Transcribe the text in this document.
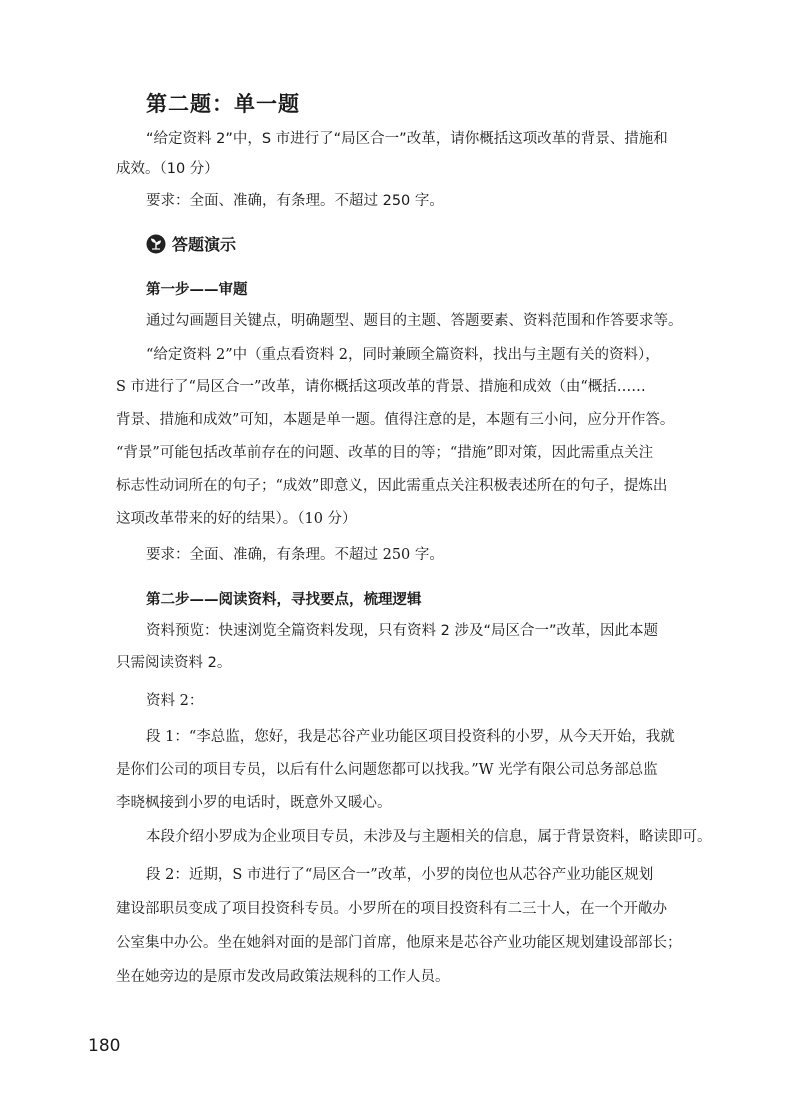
第二题：单一题
“给定资料 2”中，S 市进行了“局区合一”改革，请你概括这项改革的背景、措施和
成效。（10 分）
要求：全面、准确，有条理。不超过 250 字。
答题演示
第一步——审题
通过勾画题目关键点，明确题型、题目的主题、答题要素、资料范围和作答要求等。
“给定资料 2”中（重点看资料 2，同时兼顾全篇资料，找出与主题有关的资料），
S 市进行了“局区合一”改革，请你概括这项改革的背景、措施和成效（由“概括……
背景、措施和成效”可知，本题是单一题。值得注意的是，本题有三小问，应分开作答。
“背景”可能包括改革前存在的问题、改革的目的等；“措施”即对策，因此需重点关注
标志性动词所在的句子；“成效”即意义，因此需重点关注积极表述所在的句子，提炼出
这项改革带来的好的结果）。（10 分）
要求：全面、准确，有条理。不超过 250 字。
第二步——阅读资料，寻找要点，梳理逻辑
资料预览：快速浏览全篇资料发现，只有资料 2 涉及“局区合一”改革，因此本题
只需阅读资料 2。
资料 2：
段 1：“李总监，您好，我是芯谷产业功能区项目投资科的小罗，从今天开始，我就
是你们公司的项目专员，以后有什么问题您都可以找我。”W 光学有限公司总务部总监
李晓枫接到小罗的电话时，既意外又暖心。
本段介绍小罗成为企业项目专员，未涉及与主题相关的信息，属于背景资料，略读即可。
段 2：近期，S 市进行了“局区合一”改革，小罗的岗位也从芯谷产业功能区规划
建设部职员变成了项目投资科专员。小罗所在的项目投资科有二三十人，在一个开敞办
公室集中办公。坐在她斜对面的是部门首席，他原来是芯谷产业功能区规划建设部部长；
坐在她旁边的是原市发改局政策法规科的工作人员。
180
